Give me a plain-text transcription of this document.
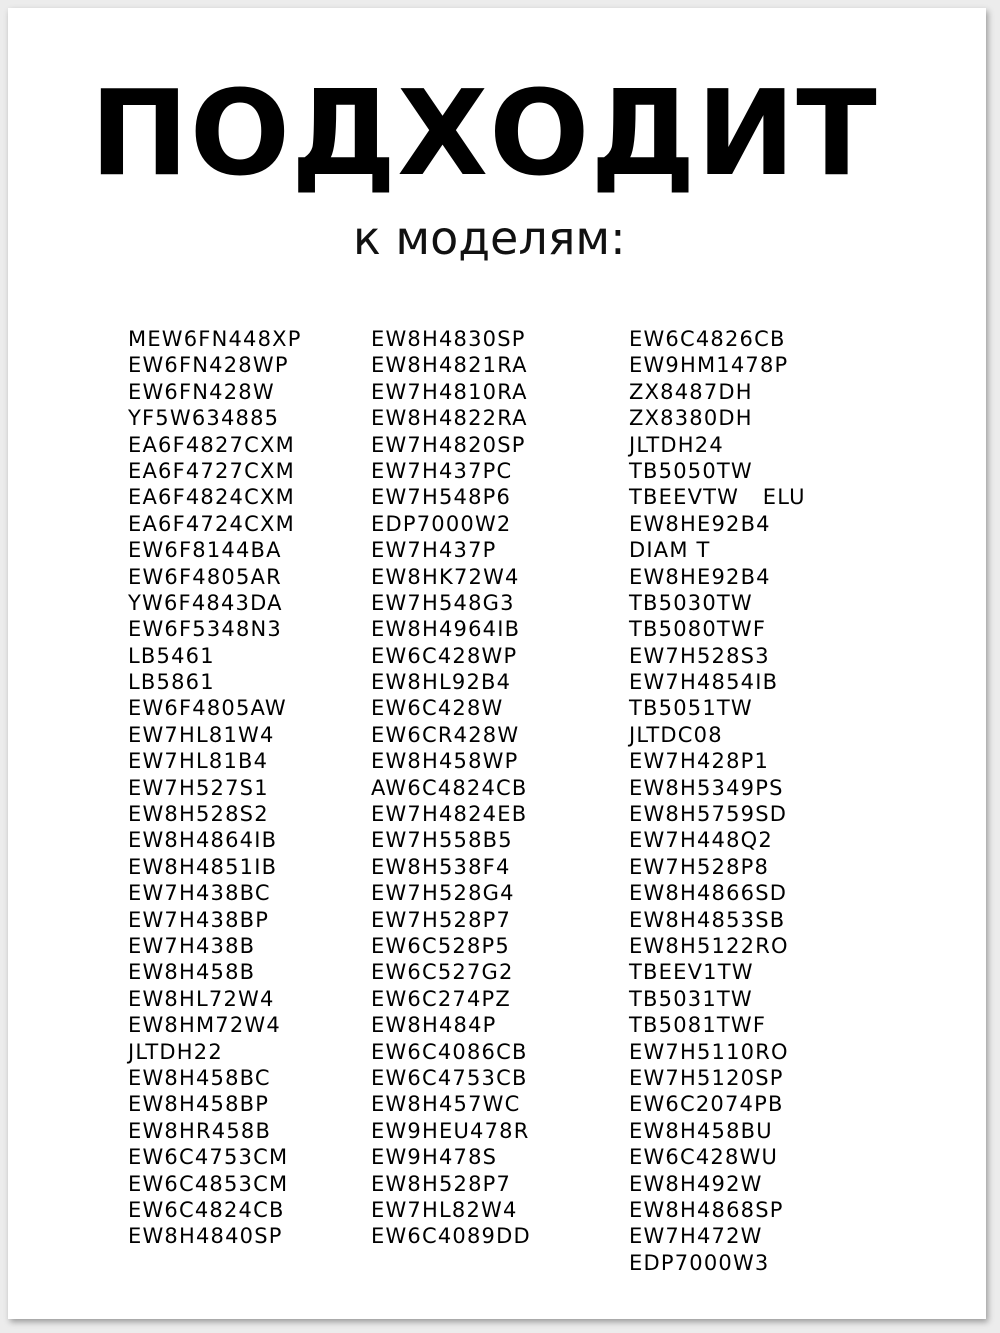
ПОДХОДИТ
к моделям:
MEW6FN448XP
EW6FN428WP
EW6FN428W
YF5W634885
EA6F4827CXM
EA6F4727CXM
EA6F4824CXM
EA6F4724CXM
EW6F8144BA
EW6F4805AR
YW6F4843DA
EW6F5348N3
LB5461
LB5861
EW6F4805AW
EW7HL81W4
EW7HL81B4
EW7H527S1
EW8H528S2
EW8H4864IB
EW8H4851IB
EW7H438BC
EW7H438BP
EW7H438B
EW8H458B
EW8HL72W4
EW8HM72W4
JLTDH22
EW8H458BC
EW8H458BP
EW8HR458B
EW6C4753CM
EW6C4853CM
EW6C4824CB
EW8H4840SP
EW8H4830SP
EW8H4821RA
EW7H4810RA
EW8H4822RA
EW7H4820SP
EW7H437PC
EW7H548P6
EDP7000W2
EW7H437P
EW8HK72W4
EW7H548G3
EW8H4964IB
EW6C428WP
EW8HL92B4
EW6C428W
EW6CR428W
EW8H458WP
AW6C4824CB
EW7H4824EB
EW7H558B5
EW8H538F4
EW7H528G4
EW7H528P7
EW6C528P5
EW6C527G2
EW6C274PZ
EW8H484P
EW6C4086CB
EW6C4753CB
EW8H457WC
EW9HEU478R
EW9H478S
EW8H528P7
EW7HL82W4
EW6C4089DD
EW6C4826CB
EW9HM1478P
ZX8487DH
ZX8380DH
JLTDH24
TB5050TW
TBEEVTW   ELU
EW8HE92B4
DIAM T
EW8HE92B4
TB5030TW
TB5080TWF
EW7H528S3
EW7H4854IB
TB5051TW
JLTDC08
EW7H428P1
EW8H5349PS
EW8H5759SD
EW7H448Q2
EW7H528P8
EW8H4866SD
EW8H4853SB
EW8H5122RO
TBEEV1TW
TB5031TW
TB5081TWF
EW7H5110RO
EW7H5120SP
EW6C2074PB
EW8H458BU
EW6C428WU
EW8H492W
EW8H4868SP
EW7H472W
EDP7000W3
